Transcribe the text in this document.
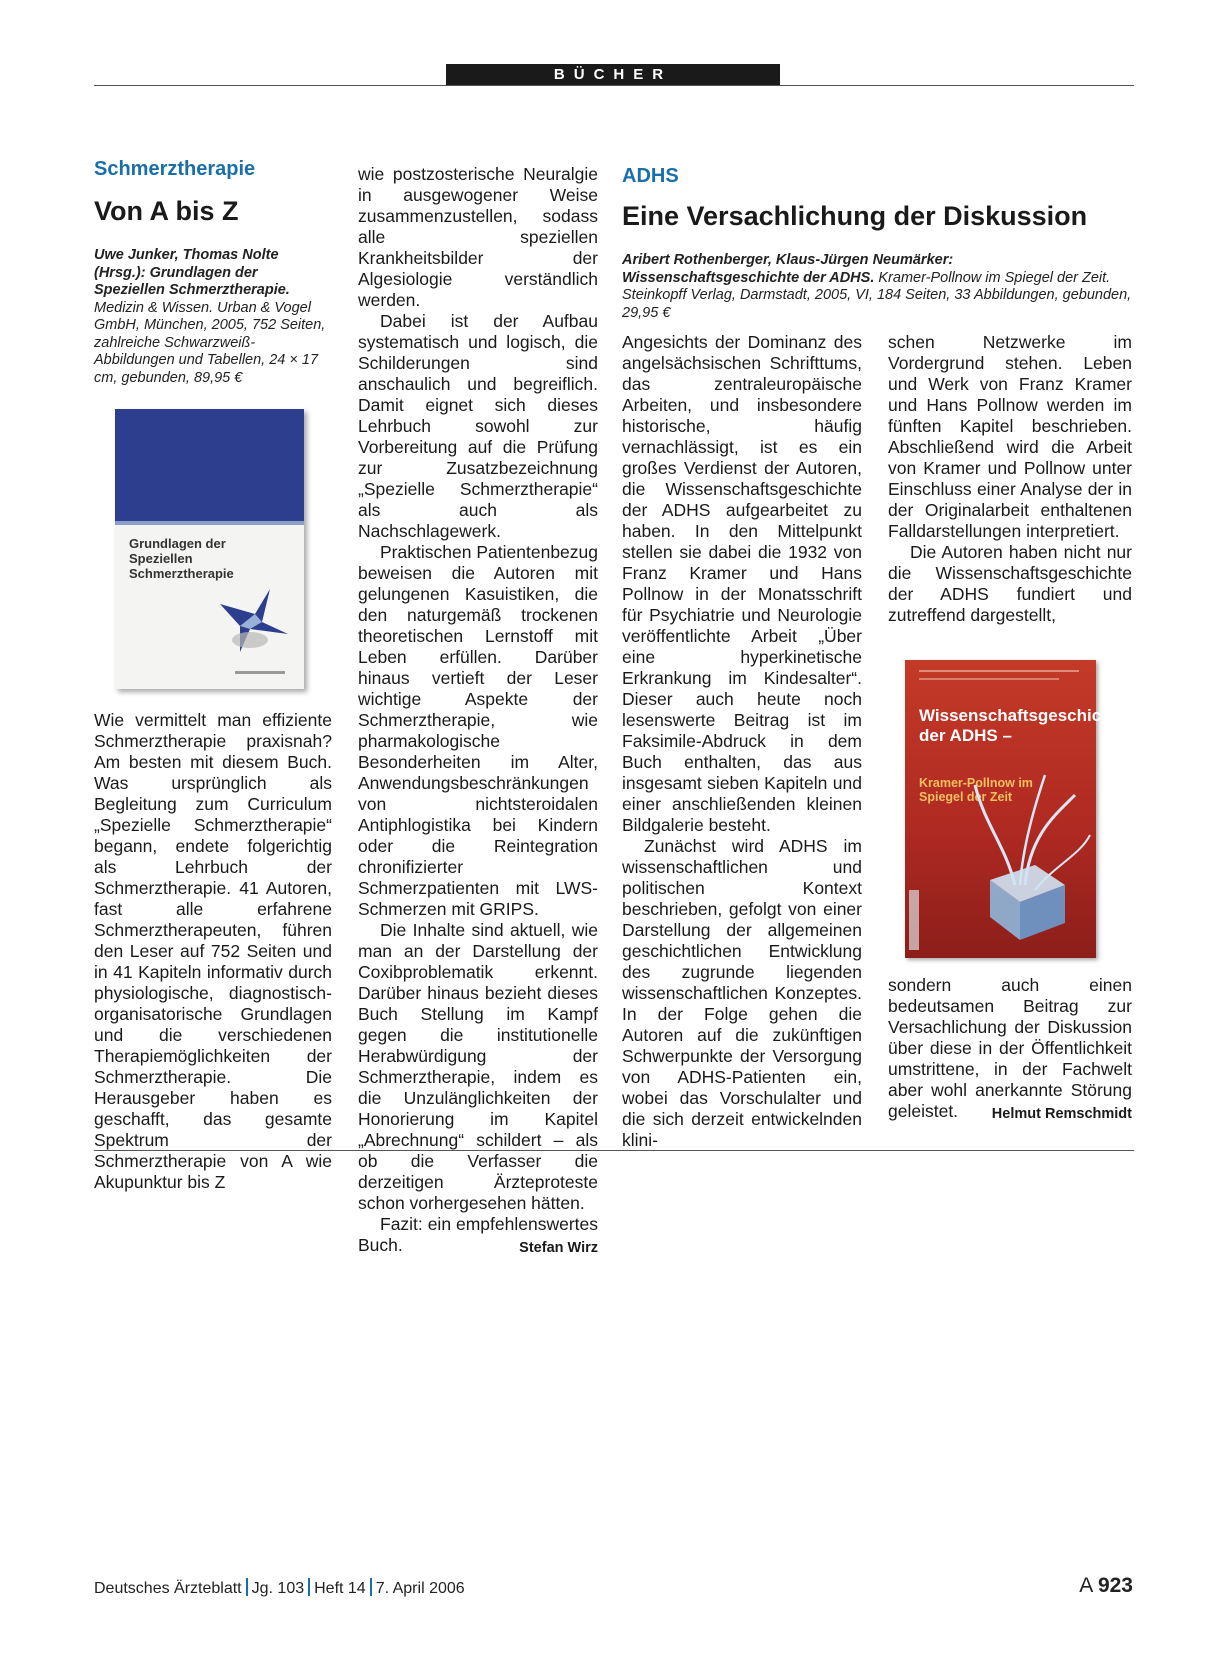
BÜCHER
Schmerztherapie
Von A bis Z
Uwe Junker, Thomas Nolte (Hrsg.): Grundlagen der Speziellen Schmerztherapie. Medizin & Wissen. Urban & Vogel GmbH, München, 2005, 752 Seiten, zahlreiche Schwarzweiß-Abbildungen und Tabellen, 24 × 17 cm, gebunden, 89,95 €
Grundlagen der Speziellen Schmerztherapie

Wie vermittelt man effiziente Schmerztherapie praxisnah? Am besten mit diesem Buch. Was ursprünglich als Begleitung zum Curriculum „Spezielle Schmerztherapie“ begann, endete folgerichtig als Lehrbuch der Schmerztherapie. 41 Autoren, fast alle erfahrene Schmerztherapeuten, führen den Leser auf 752 Seiten und in 41 Kapiteln informativ durch physiologische, diagnostisch-organisatorische Grundlagen und die verschiedenen Therapiemöglichkeiten der Schmerztherapie. Die Herausgeber haben es geschafft, das gesamte Spektrum der Schmerztherapie von A wie Akupunktur bis Z

wie postzosterische Neuralgie in ausgewogener Weise zusammenzustellen, sodass alle speziellen Krankheitsbilder der Algesiologie verständlich werden.

Dabei ist der Aufbau systematisch und logisch, die Schilderungen sind anschaulich und begreiflich. Damit eignet sich dieses Lehrbuch sowohl zur Vorbereitung auf die Prüfung zur Zusatzbezeichnung „Spezielle Schmerztherapie“ als auch als Nachschlagewerk.

Praktischen Patientenbezug beweisen die Autoren mit gelungenen Kasuistiken, die den naturgemäß trockenen theoretischen Lernstoff mit Leben erfüllen. Darüber hinaus vertieft der Leser wichtige Aspekte der Schmerztherapie, wie pharmakologische Besonderheiten im Alter, Anwendungsbeschränkungen von nichtsteroidalen Antiphlogistika bei Kindern oder die Reintegration chronifizierter Schmerzpatienten mit LWS-Schmerzen mit GRIPS.

Die Inhalte sind aktuell, wie man an der Darstellung der Coxibproblematik erkennt. Darüber hinaus bezieht dieses Buch Stellung im Kampf gegen die institutionelle Herabwürdigung der Schmerztherapie, indem es die Unzulänglichkeiten der Honorierung im Kapitel „Abrechnung“ schildert – als ob die Verfasser die derzeitigen Ärzteproteste schon vorhergesehen hätten.

Fazit: ein empfehlenswertes Buch.	Stefan Wirz

ADHS
Eine Versachlichung der Diskussion
Aribert Rothenberger, Klaus-Jürgen Neumärker: Wissenschaftsgeschichte der ADHS. Kramer-Pollnow im Spiegel der Zeit. Steinkopff Verlag, Darmstadt, 2005, VI, 184 Seiten, 33 Abbildungen, gebunden, 29,95 €

Angesichts der Dominanz des angelsächsischen Schrifttums, das zentraleuropäische Arbeiten, und insbesondere historische, häufig vernachlässigt, ist es ein großes Verdienst der Autoren, die Wissenschaftsgeschichte der ADHS aufgearbeitet zu haben. In den Mittelpunkt stellen sie dabei die 1932 von Franz Kramer und Hans Pollnow in der Monatsschrift für Psychiatrie und Neurologie veröffentlichte Arbeit „Über eine hyperkinetische Erkrankung im Kindesalter“. Dieser auch heute noch lesenswerte Beitrag ist im Faksimile-Abdruck in dem Buch enthalten, das aus insgesamt sieben Kapiteln und einer anschließenden kleinen Bildgalerie besteht.

Zunächst wird ADHS im wissenschaftlichen und politischen Kontext beschrieben, gefolgt von einer Darstellung der allgemeinen geschichtlichen Entwicklung des zugrunde liegenden wissenschaftlichen Konzeptes. In der Folge gehen die Autoren auf die zukünftigen Schwerpunkte der Versorgung von ADHS-Patienten ein, wobei das Vorschulalter und die sich derzeit entwickelnden klini-

schen Netzwerke im Vordergrund stehen. Leben und Werk von Franz Kramer und Hans Pollnow werden im fünften Kapitel beschrieben. Abschließend wird die Arbeit von Kramer und Pollnow unter Einschluss einer Analyse der in der Originalarbeit enthaltenen Falldarstellungen interpretiert.

Die Autoren haben nicht nur die Wissenschaftsgeschichte der ADHS fundiert und zutreffend dargestellt,

Wissenschaftsgeschichte der ADHS –
Kramer-Pollnow im Spiegel der Zeit

sondern auch einen bedeutsamen Beitrag zur Versachlichung der Diskussion über diese in der Öffentlichkeit umstrittene, in der Fachwelt aber wohl anerkannte Störung geleistet. Helmut Remschmidt

Deutsches Ärzteblatt Jg. 103 Heft 14 7. April 2006	A 923
